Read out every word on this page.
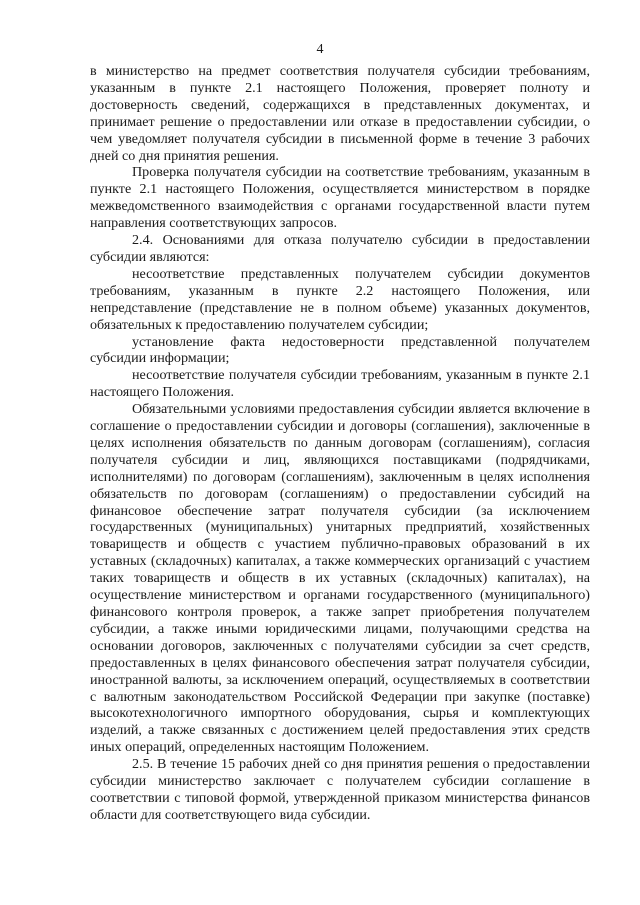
4

в министерство на предмет соответствия получателя субсидии требованиям, указанным в пункте 2.1 настоящего Положения, проверяет полноту и достоверность сведений, содержащихся в представленных документах, и принимает решение о предоставлении или отказе в предоставлении субсидии, о чем уведомляет получателя субсидии в письменной форме в течение 3 рабочих дней со дня принятия решения.

Проверка получателя субсидии на соответствие требованиям, указанным в пункте 2.1 настоящего Положения, осуществляется министерством в порядке межведомственного взаимодействия с органами государственной власти путем направления соответствующих запросов.

2.4. Основаниями для отказа получателю субсидии в предоставлении субсидии являются:

несоответствие представленных получателем субсидии документов требованиям, указанным в пункте 2.2 настоящего Положения, или непредставление (представление не в полном объеме) указанных документов, обязательных к предоставлению получателем субсидии;

установление факта недостоверности представленной получателем субсидии информации;

несоответствие получателя субсидии требованиям, указанным в пункте 2.1 настоящего Положения.

Обязательными условиями предоставления субсидии является включение в соглашение о предоставлении субсидии и договоры (соглашения), заключенные в целях исполнения обязательств по данным договорам (соглашениям), согласия получателя субсидии и лиц, являющихся поставщиками (подрядчиками, исполнителями) по договорам (соглашениям), заключенным в целях исполнения обязательств по договорам (соглашениям) о предоставлении субсидий на финансовое обеспечение затрат получателя субсидии (за исключением государственных (муниципальных) унитарных предприятий, хозяйственных товариществ и обществ с участием публично-правовых образований в их уставных (складочных) капиталах, а также коммерческих организаций с участием таких товариществ и обществ в их уставных (складочных) капиталах), на осуществление министерством и органами государственного (муниципального) финансового контроля проверок, а также запрет приобретения получателем субсидии, а также иными юридическими лицами, получающими средства на основании договоров, заключенных с получателями субсидии за счет средств, предоставленных в целях финансового обеспечения затрат получателя субсидии, иностранной валюты, за исключением операций, осуществляемых в соответствии с валютным законодательством Российской Федерации при закупке (поставке) высокотехнологичного импортного оборудования, сырья и комплектующих изделий, а также связанных с достижением целей предоставления этих средств иных операций, определенных настоящим Положением.

2.5. В течение 15 рабочих дней со дня принятия решения о предоставлении субсидии министерство заключает с получателем субсидии соглашение в соответствии с типовой формой, утвержденной приказом министерства финансов области для соответствующего вида субсидии.
